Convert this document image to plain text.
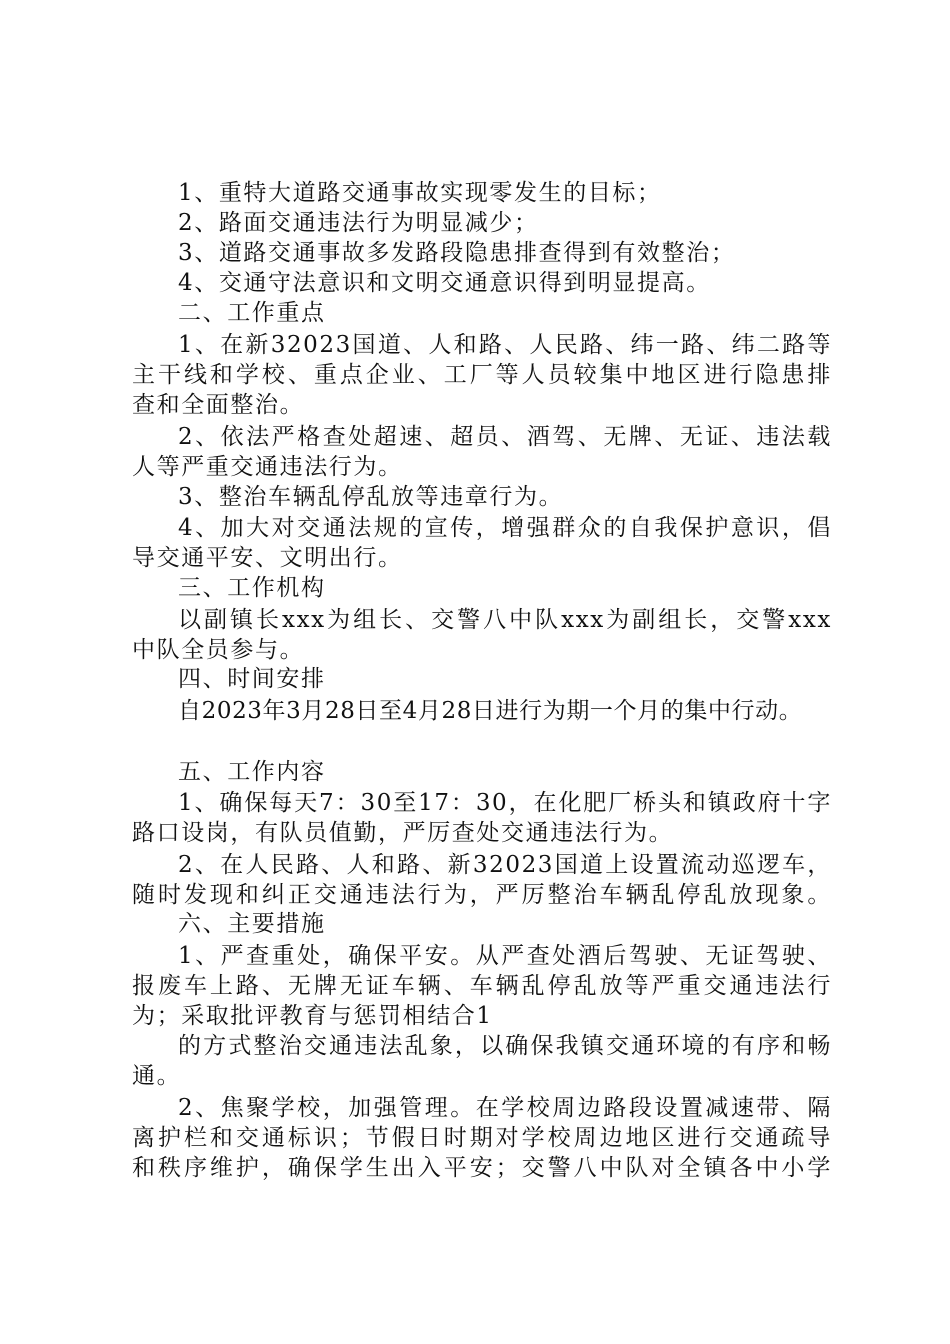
1、重特大道路交通事故实现零发生的目标；
2、路面交通违法行为明显减少；
3、道路交通事故多发路段隐患排查得到有效整治；
4、交通守法意识和文明交通意识得到明显提高。
二、工作重点
1、在新32023国道、人和路、人民路、纬一路、纬二路等
主干线和学校、重点企业、工厂等人员较集中地区进行隐患排
查和全面整治。
2、依法严格查处超速、超员、酒驾、无牌、无证、违法载
人等严重交通违法行为。
3、整治车辆乱停乱放等违章行为。
4、加大对交通法规的宣传，增强群众的自我保护意识，倡
导交通平安、文明出行。
三、工作机构
以副镇长xxx为组长、交警八中队xxx为副组长，交警xxx
中队全员参与。
四、时间安排
自2023年3月28日至4月28日进行为期一个月的集中行动。
五、工作内容
1、确保每天7：30至17：30，在化肥厂桥头和镇政府十字
路口设岗，有队员值勤，严厉查处交通违法行为。
2、在人民路、人和路、新32023国道上设置流动巡逻车，
随时发现和纠正交通违法行为，严厉整治车辆乱停乱放现象。
六、主要措施
1、严查重处，确保平安。从严查处酒后驾驶、无证驾驶、
报废车上路、无牌无证车辆、车辆乱停乱放等严重交通违法行
为；采取批评教育与惩罚相结合1
的方式整治交通违法乱象，以确保我镇交通环境的有序和畅
通。
2、焦聚学校，加强管理。在学校周边路段设置减速带、隔
离护栏和交通标识；节假日时期对学校周边地区进行交通疏导
和秩序维护，确保学生出入平安；交警八中队对全镇各中小学
